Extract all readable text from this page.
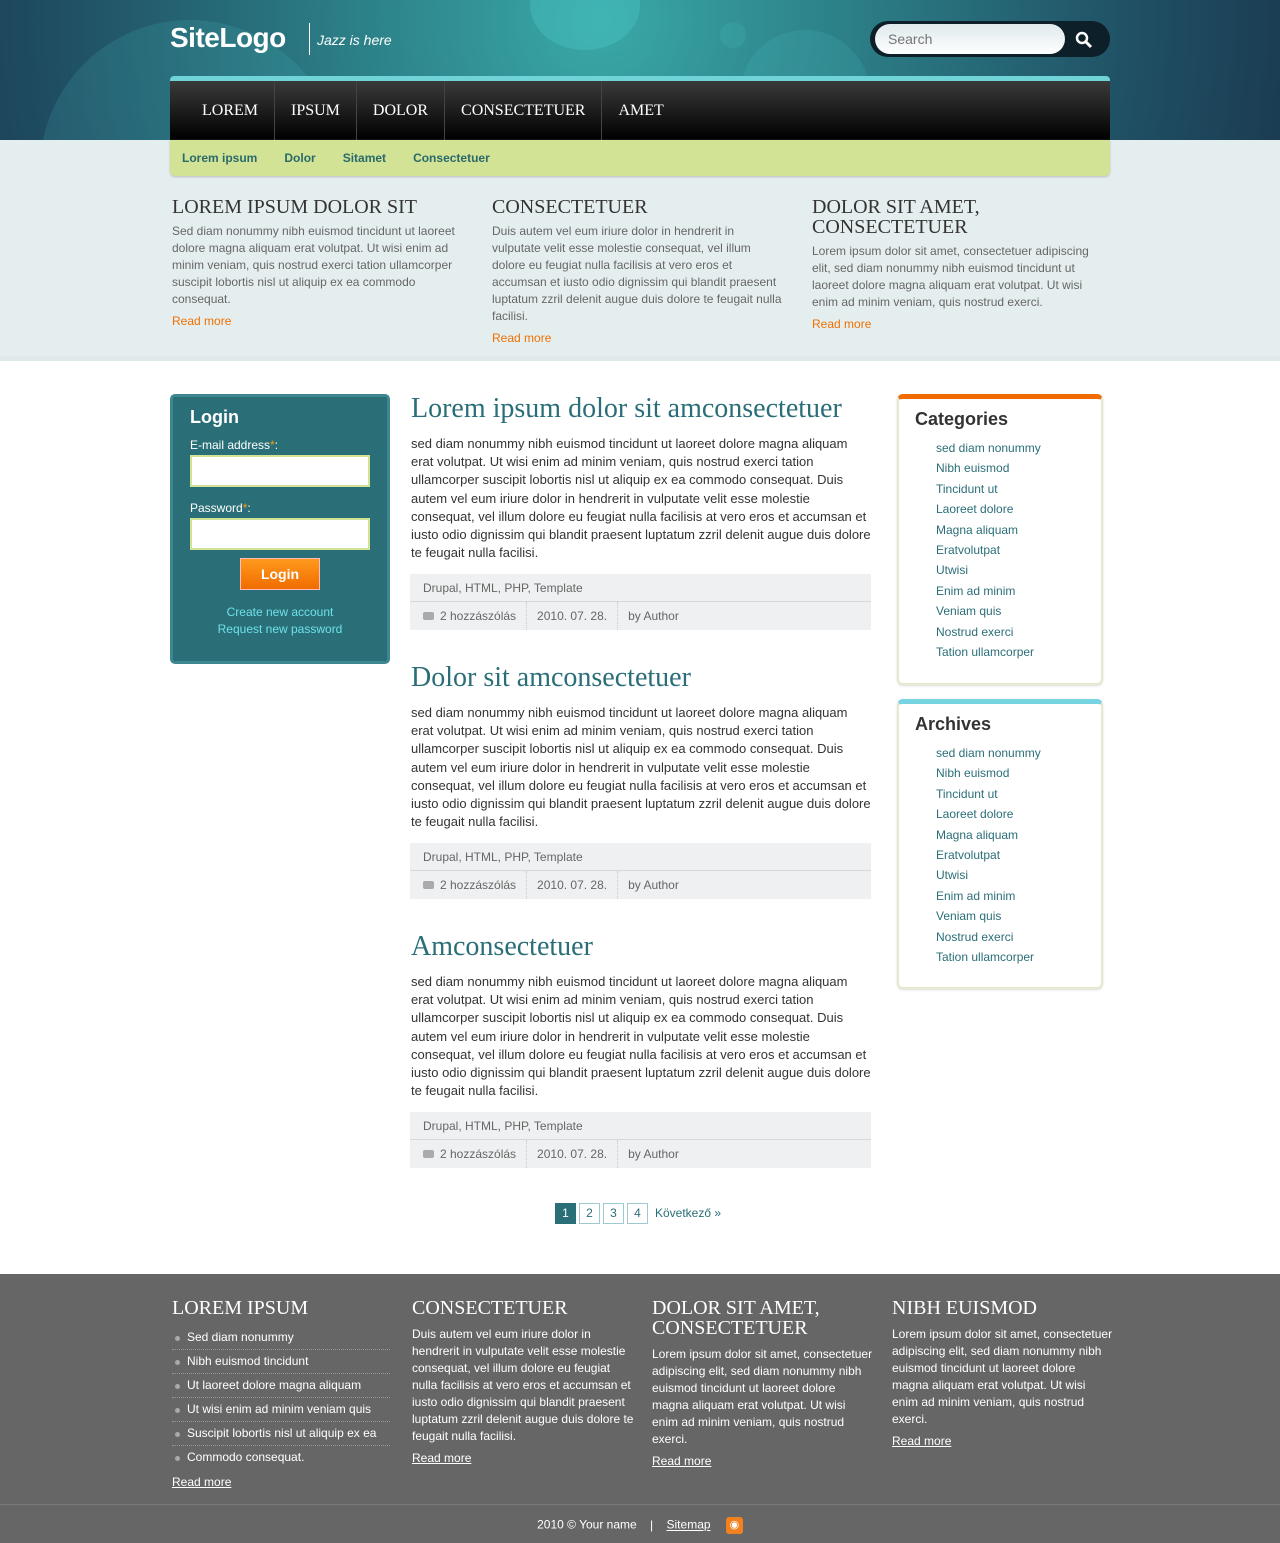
SiteLogo Jazz is here
Search
LOREM	IPSUM	DOLOR	CONSECTETUER	AMET
Lorem ipsum Dolor Sitamet Consectetuer
LOREM IPSUM DOLOR SIT

Sed diam nonummy nibh euismod tincidunt ut laoreet dolore magna aliquam erat volutpat. Ut wisi enim ad minim veniam, quis nostrud exerci tation ullamcorper suscipit lobortis nisl ut aliquip ex ea commodo consequat.

Read more
CONSECTETUER

Duis autem vel eum iriure dolor in hendrerit in vulputate velit esse molestie consequat, vel illum dolore eu feugiat nulla facilisis at vero eros et accumsan et iusto odio dignissim qui blandit praesent luptatum zzril delenit augue duis dolore te feugait nulla facilisi.

Read more
DOLOR SIT AMET, CONSECTETUER

Lorem ipsum dolor sit amet, consectetuer adipiscing elit, sed diam nonummy nibh euismod tincidunt ut laoreet dolore magna aliquam erat volutpat. Ut wisi enim ad minim veniam, quis nostrud exerci.

Read more
Login
E-mail address*:
Password*:
Login
Create new account
Request new password
Lorem ipsum dolor sit amconsectetuer

sed diam nonummy nibh euismod tincidunt ut laoreet dolore magna aliquam erat volutpat. Ut wisi enim ad minim veniam, quis nostrud exerci tation ullamcorper suscipit lobortis nisl ut aliquip ex ea commodo consequat. Duis autem vel eum iriure dolor in hendrerit in vulputate velit esse molestie consequat, vel illum dolore eu feugiat nulla facilisis at vero eros et accumsan et iusto odio dignissim qui blandit praesent luptatum zzril delenit augue duis dolore te feugait nulla facilisi.

Drupal, HTML, PHP, Template
2 hozzászólás	2010. 07. 28.	by Author
Dolor sit amconsectetuer

sed diam nonummy nibh euismod tincidunt ut laoreet dolore magna aliquam erat volutpat. Ut wisi enim ad minim veniam, quis nostrud exerci tation ullamcorper suscipit lobortis nisl ut aliquip ex ea commodo consequat. Duis autem vel eum iriure dolor in hendrerit in vulputate velit esse molestie consequat, vel illum dolore eu feugiat nulla facilisis at vero eros et accumsan et iusto odio dignissim qui blandit praesent luptatum zzril delenit augue duis dolore te feugait nulla facilisi.

Drupal, HTML, PHP, Template
2 hozzászólás	2010. 07. 28.	by Author
Amconsectetuer

sed diam nonummy nibh euismod tincidunt ut laoreet dolore magna aliquam erat volutpat. Ut wisi enim ad minim veniam, quis nostrud exerci tation ullamcorper suscipit lobortis nisl ut aliquip ex ea commodo consequat. Duis autem vel eum iriure dolor in hendrerit in vulputate velit esse molestie consequat, vel illum dolore eu feugiat nulla facilisis at vero eros et accumsan et iusto odio dignissim qui blandit praesent luptatum zzril delenit augue duis dolore te feugait nulla facilisi.

Drupal, HTML, PHP, Template
2 hozzászólás	2010. 07. 28.	by Author
Categories
sed diam nonummy
Nibh euismod
Tincidunt ut
Laoreet dolore
Magna aliquam
Eratvolutpat
Utwisi
Enim ad minim
Veniam quis
Nostrud exerci
Tation ullamcorper
Archives
sed diam nonummy
Nibh euismod
Tincidunt ut
Laoreet dolore
Magna aliquam
Eratvolutpat
Utwisi
Enim ad minim
Veniam quis
Nostrud exerci
Tation ullamcorper
1	2	3	4	Következő »
LOREM IPSUM
Sed diam nonummy
Nibh euismod tincidunt
Ut laoreet dolore magna aliquam
Ut wisi enim ad minim veniam quis
Suscipit lobortis nisl ut aliquip ex ea
Commodo consequat.
Read more
CONSECTETUER

Duis autem vel eum iriure dolor in hendrerit in vulputate velit esse molestie consequat, vel illum dolore eu feugiat nulla facilisis at vero eros et accumsan et iusto odio dignissim qui blandit praesent luptatum zzril delenit augue duis dolore te feugait nulla facilisi.

Read more
DOLOR SIT AMET, CONSECTETUER

Lorem ipsum dolor sit amet, consectetuer adipiscing elit, sed diam nonummy nibh euismod tincidunt ut laoreet dolore magna aliquam erat volutpat. Ut wisi enim ad minim veniam, quis nostrud exerci.

Read more
NIBH EUISMOD

Lorem ipsum dolor sit amet, consectetuer adipiscing elit, sed diam nonummy nibh euismod tincidunt ut laoreet dolore magna aliquam erat volutpat. Ut wisi enim ad minim veniam, quis nostrud exerci.

Read more
2010 © Your name | Sitemap ◉
